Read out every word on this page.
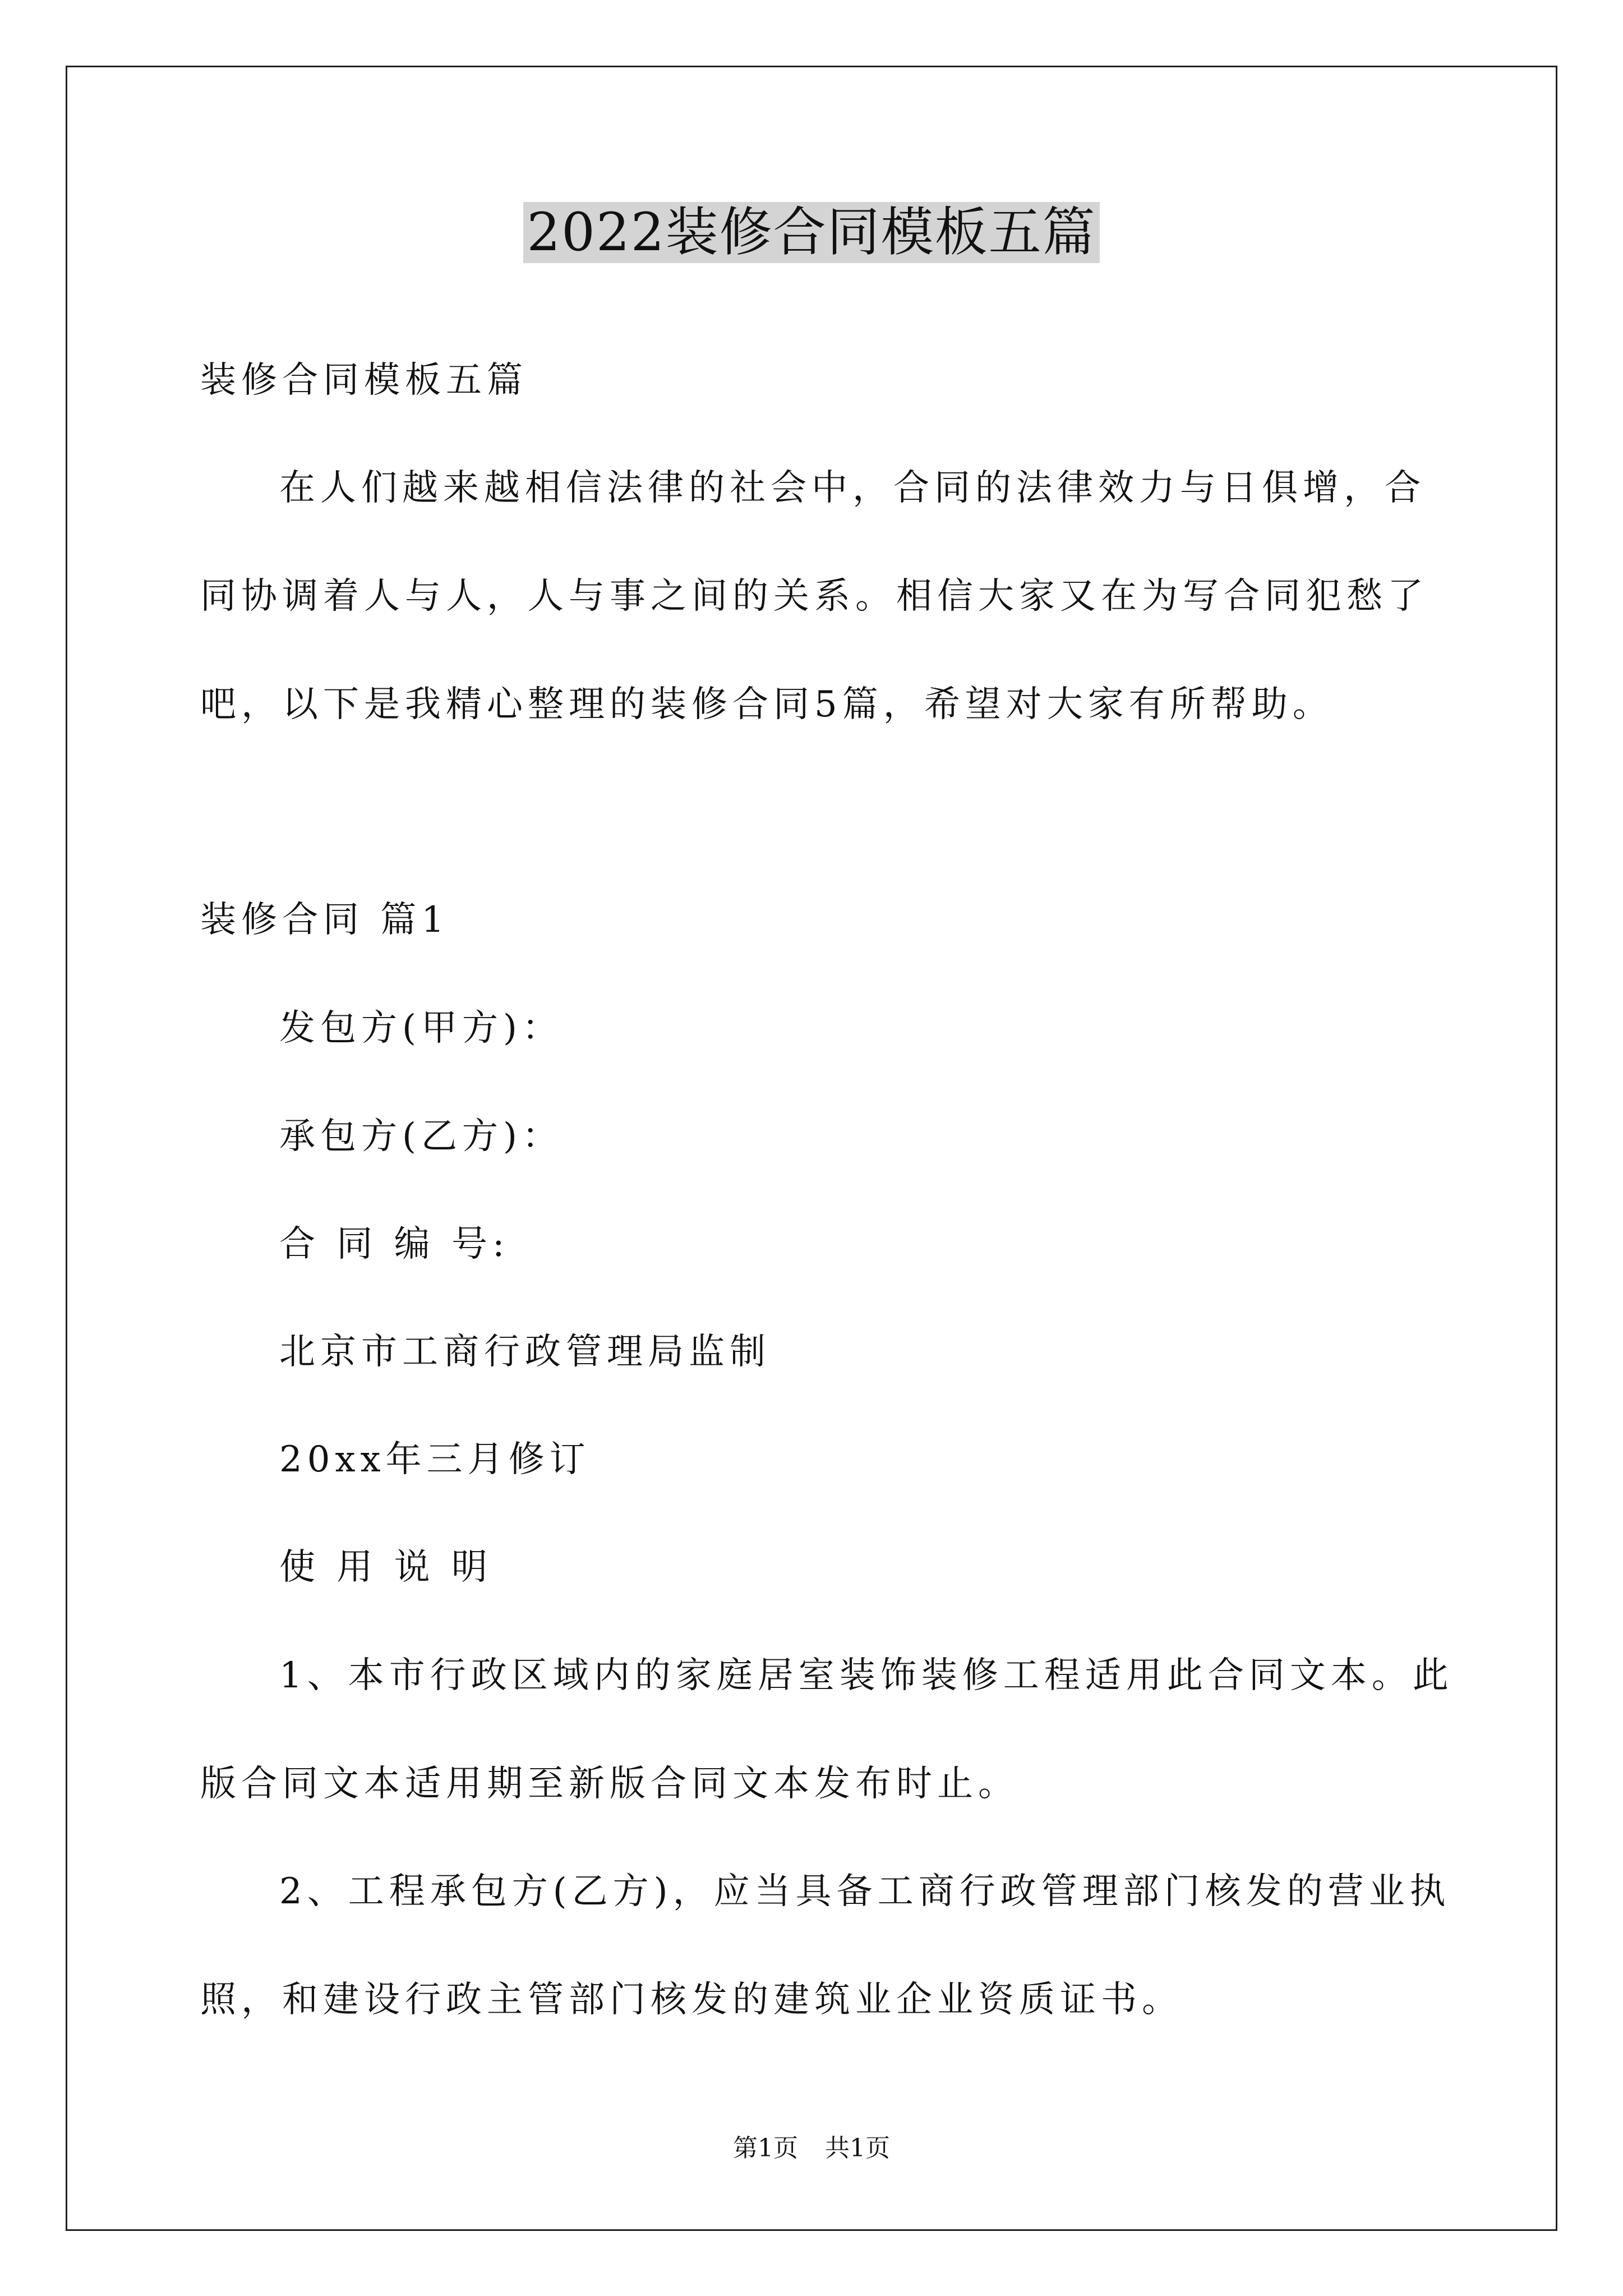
2022装修合同模板五篇
装修合同模板五篇
在人们越来越相信法律的社会中，合同的法律效力与日俱增，合
同协调着人与人，人与事之间的关系。相信大家又在为写合同犯愁了
吧，以下是我精心整理的装修合同5篇，希望对大家有所帮助。
装修合同 篇1
发包方(甲方)：
承包方(乙方)：
合 同 编 号:
北京市工商行政管理局监制
20xx年三月修订
使 用 说 明
1、本市行政区域内的家庭居室装饰装修工程适用此合同文本。此
版合同文本适用期至新版合同文本发布时止。
2、工程承包方(乙方)，应当具备工商行政管理部门核发的营业执
照，和建设行政主管部门核发的建筑业企业资质证书。
第1页 共1页
